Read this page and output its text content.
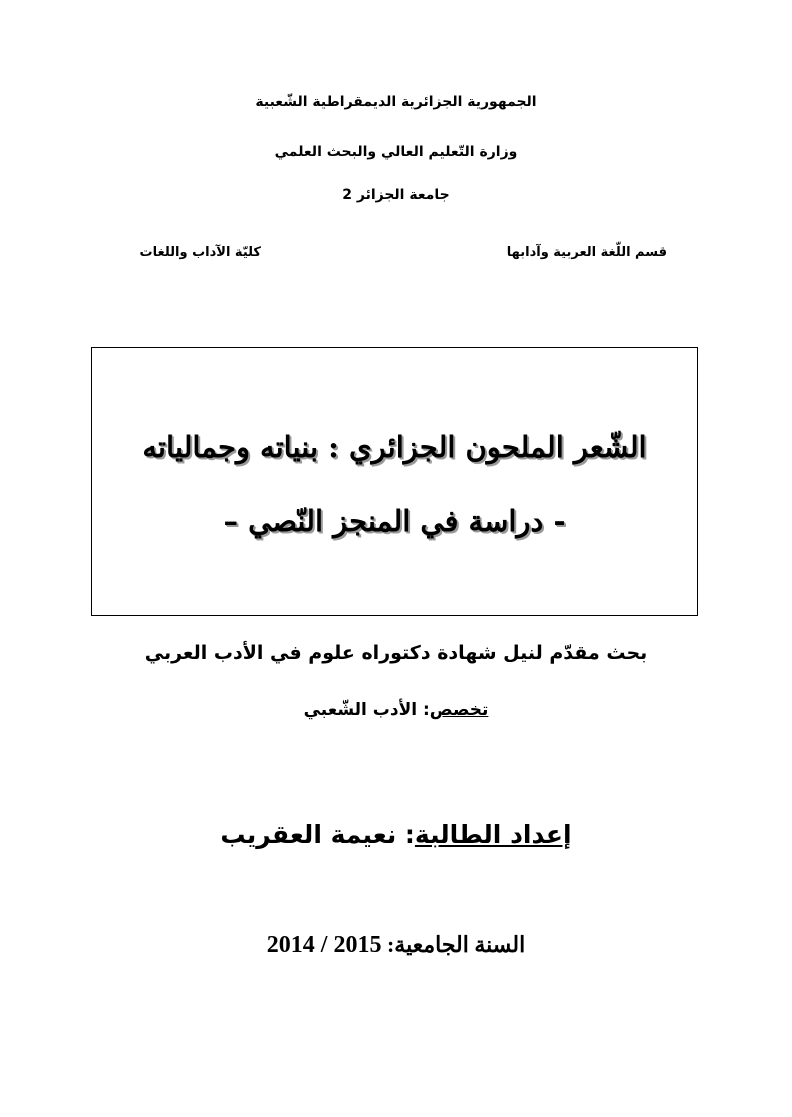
الجمهورية الجزائرية الديمقراطية الشّعبية
وزارة التّعليم العالي والبحث العلمي
جامعة الجزائر 2
قسم اللّغة العربية وآدابها
كليّة الآداب واللغات
الشّعر الملحون الجزائري : بنياته وجمالياته
- دراسة في المنجز النّصي –
بحث مقدّم لنيل شهادة دكتوراه علوم في الأدب العربي
تخصص: الأدب الشّعبي
إعداد الطالبة: نعيمة العقريب
السنة الجامعية: 2014 / 2015
